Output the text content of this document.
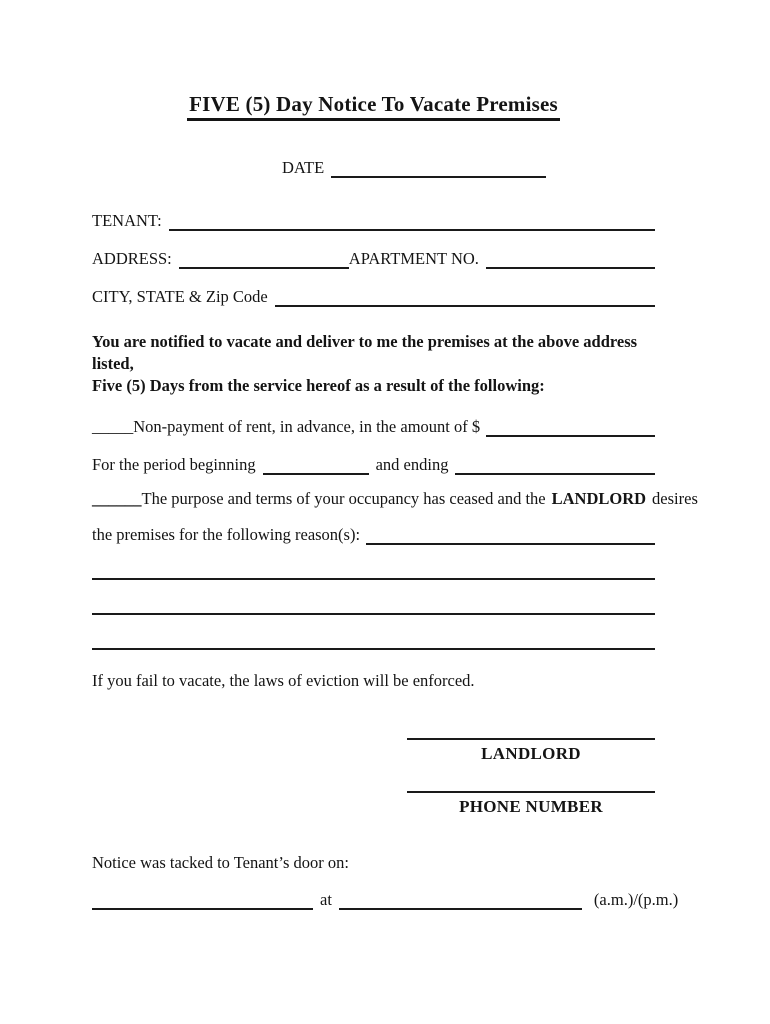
FIVE (5) Day Notice To Vacate Premises
DATE
TENANT:
ADDRESS:	APARTMENT NO.
CITY, STATE & Zip Code
You are notified to vacate and deliver to me the premises at the above address listed,
Five (5) Days from the service hereof as a result of the following:
_____ Non-payment of rent, in advance, in the amount of $
For the period beginning	and ending
______ The purpose and terms of your occupancy has ceased and the LANDLORD desires
the premises for the following reason(s):
If you fail to vacate, the laws of eviction will be enforced.
LANDLORD
PHONE NUMBER
Notice was tacked to Tenant’s door on:
at	(a.m.)/(p.m.)
